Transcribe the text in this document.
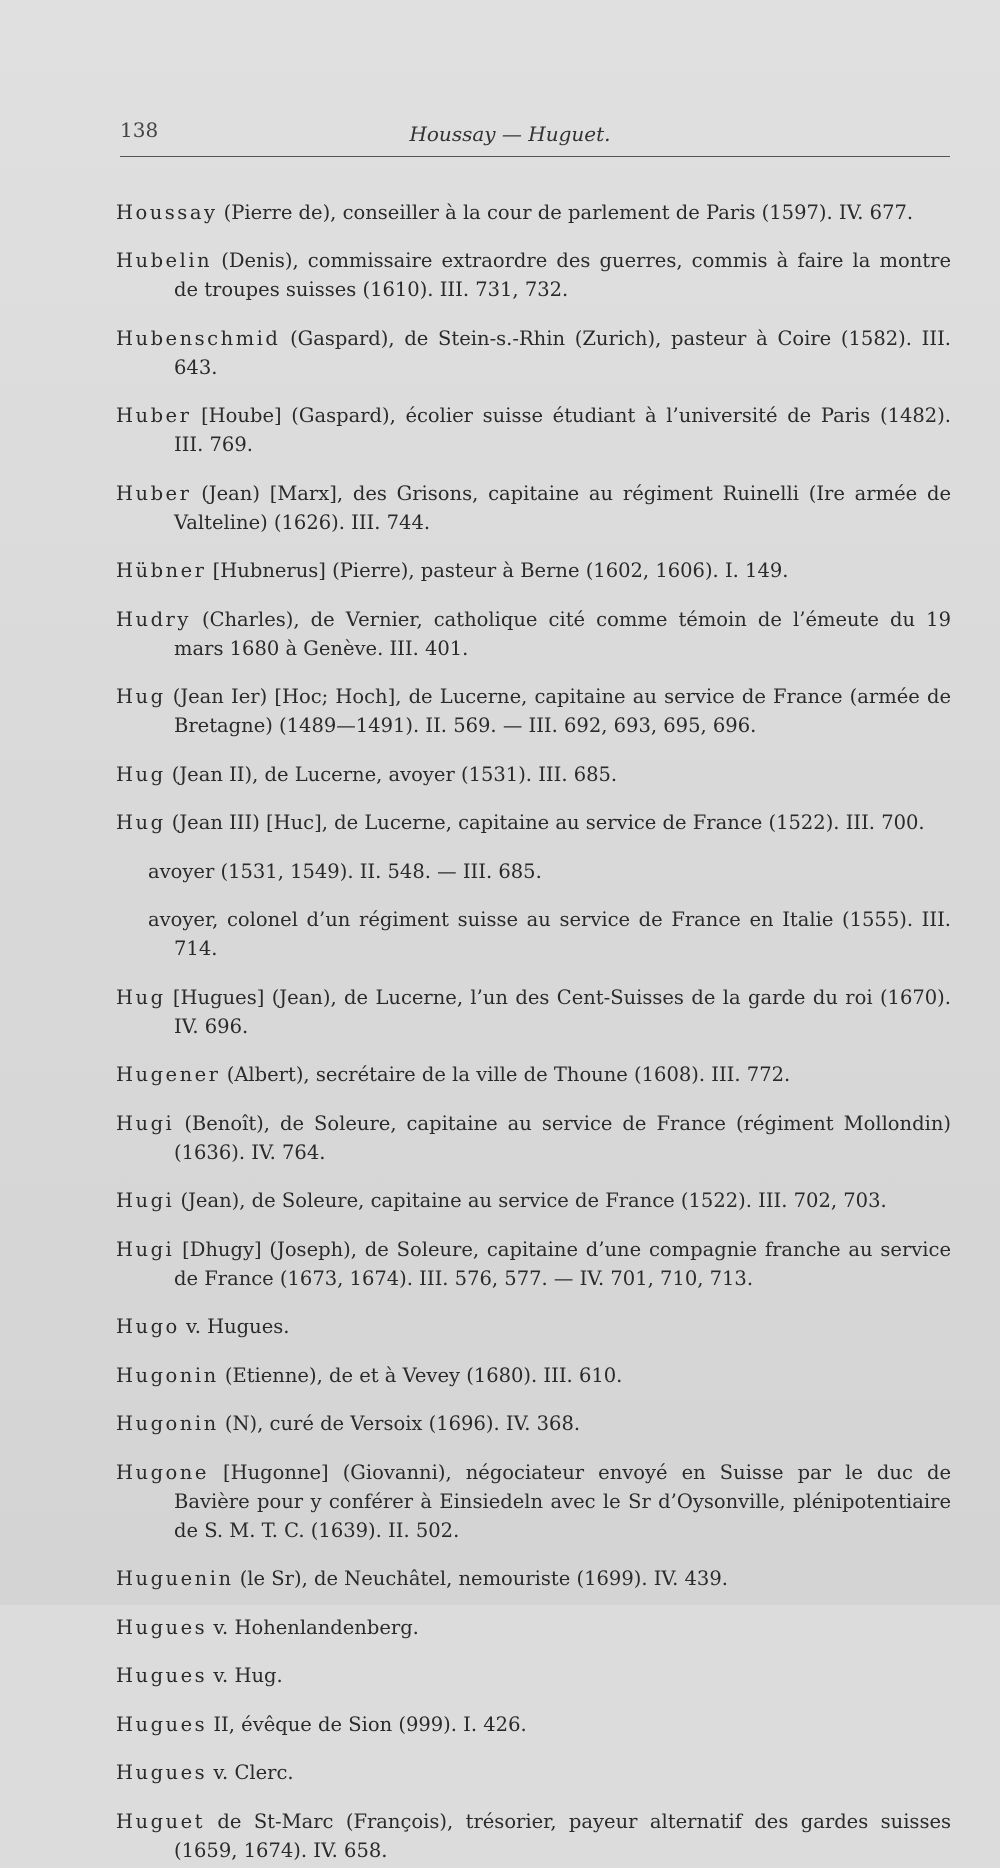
138	Houssay — Huguet.

Houssay (Pierre de), conseiller à la cour de parlement de Paris (1597). IV. 677.

Hubelin (Denis), commissaire extraordre des guerres, commis à faire la montre de troupes suisses (1610). III. 731, 732.

Hubenschmid (Gaspard), de Stein-s.-Rhin (Zurich), pasteur à Coire (1582). III. 643.

Huber [Hoube] (Gaspard), écolier suisse étudiant à l’université de Paris (1482). III. 769.

Huber (Jean) [Marx], des Grisons, capitaine au régiment Ruinelli (Ire armée de Valteline) (1626). III. 744.

Hübner [Hubnerus] (Pierre), pasteur à Berne (1602, 1606). I. 149.

Hudry (Charles), de Vernier, catholique cité comme témoin de l’émeute du 19 mars 1680 à Genève. III. 401.

Hug (Jean Ier) [Hoc; Hoch], de Lucerne, capitaine au service de France (armée de Bretagne) (1489—1491). II. 569. — III. 692, 693, 695, 696.

Hug (Jean II), de Lucerne, avoyer (1531). III. 685.

Hug (Jean III) [Huc], de Lucerne, capitaine au service de France (1522). III. 700.

avoyer (1531, 1549). II. 548. — III. 685.

avoyer, colonel d’un régiment suisse au service de France en Italie (1555). III. 714.

Hug [Hugues] (Jean), de Lucerne, l’un des Cent-Suisses de la garde du roi (1670). IV. 696.

Hugener (Albert), secrétaire de la ville de Thoune (1608). III. 772.

Hugi (Benoît), de Soleure, capitaine au service de France (régiment Mollondin) (1636). IV. 764.

Hugi (Jean), de Soleure, capitaine au service de France (1522). III. 702, 703.

Hugi [Dhugy] (Joseph), de Soleure, capitaine d’une compagnie franche au service de France (1673, 1674). III. 576, 577. — IV. 701, 710, 713.

Hugo v. Hugues.

Hugonin (Etienne), de et à Vevey (1680). III. 610.

Hugonin (N), curé de Versoix (1696). IV. 368.

Hugone [Hugonne] (Giovanni), négociateur envoyé en Suisse par le duc de Bavière pour y conférer à Einsiedeln avec le Sr d’Oysonville, plénipotentiaire de S. M. T. C. (1639). II. 502.

Huguenin (le Sr), de Neuchâtel, nemouriste (1699). IV. 439.

Hugues v. Hohenlandenberg.

Hugues v. Hug.

Hugues II, évêque de Sion (999). I. 426.

Hugues v. Clerc.

Huguet de St-Marc (François), trésorier, payeur alternatif des gardes suisses (1659, 1674). IV. 658.
